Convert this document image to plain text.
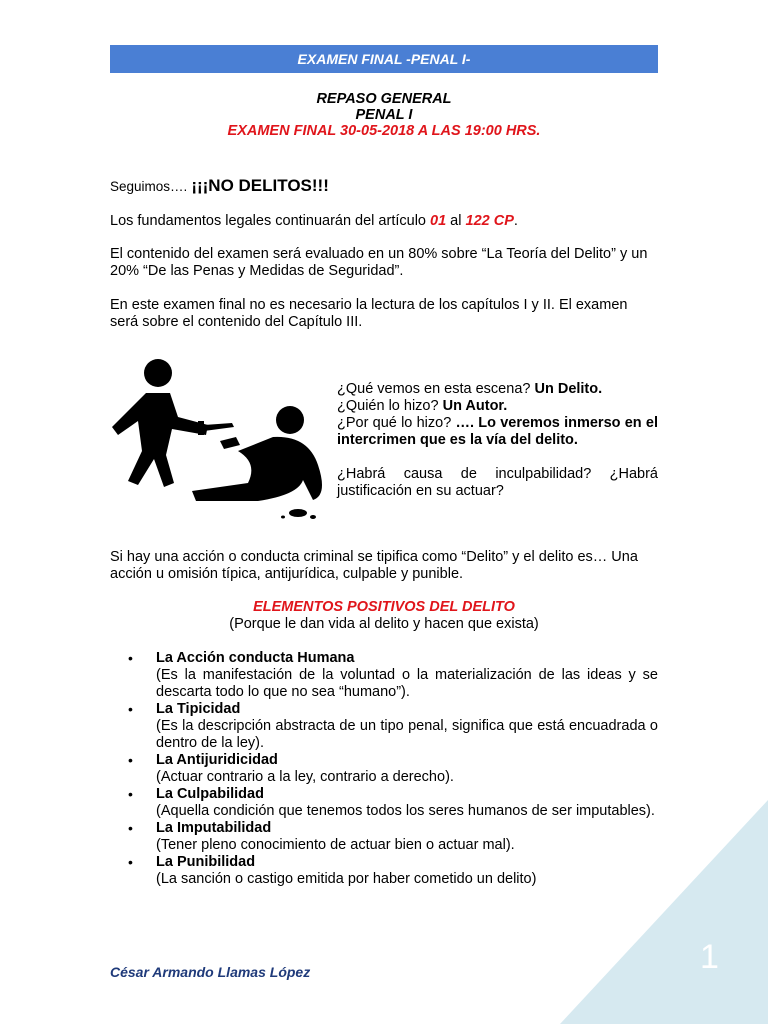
EXAMEN FINAL -PENAL I-
REPASO GENERAL
PENAL I
EXAMEN FINAL 30-05-2018 A LAS 19:00 HRS.
Seguimos…. ¡¡¡NO DELITOS!!!
Los fundamentos legales continuarán del artículo 01 al 122 CP.
El contenido del examen será evaluado en un 80% sobre “La Teoría del Delito” y un 20% “De las Penas y Medidas de Seguridad”.
En este examen final no es necesario la lectura de los capítulos I y II. El examen será sobre el contenido del Capítulo III.
¿Qué vemos en esta escena? Un Delito.
¿Quién lo hizo? Un Autor.
¿Por qué lo hizo? …. Lo veremos inmerso en el intercrimen que es la vía del delito.
¿Habrá causa de inculpabilidad? ¿Habrá justificación en su actuar?
Si hay una acción o conducta criminal se tipifica como “Delito” y el delito es… Una acción u omisión típica, antijurídica, culpable y punible.
ELEMENTOS POSITIVOS DEL DELITO
(Porque le dan vida al delito y hacen que exista)
• La Acción conducta Humana
(Es la manifestación de la voluntad o la materialización de las ideas y se descarta todo lo que no sea “humano”).
• La Tipicidad
(Es la descripción abstracta de un tipo penal, significa que está encuadrada o dentro de la ley).
• La Antijuridicidad
(Actuar contrario a la ley, contrario a derecho).
• La Culpabilidad
(Aquella condición que tenemos todos los seres humanos de ser imputables).
• La Imputabilidad
(Tener pleno conocimiento de actuar bien o actuar mal).
• La Punibilidad
(La sanción o castigo emitida por haber cometido un delito)
1
César Armando Llamas López
